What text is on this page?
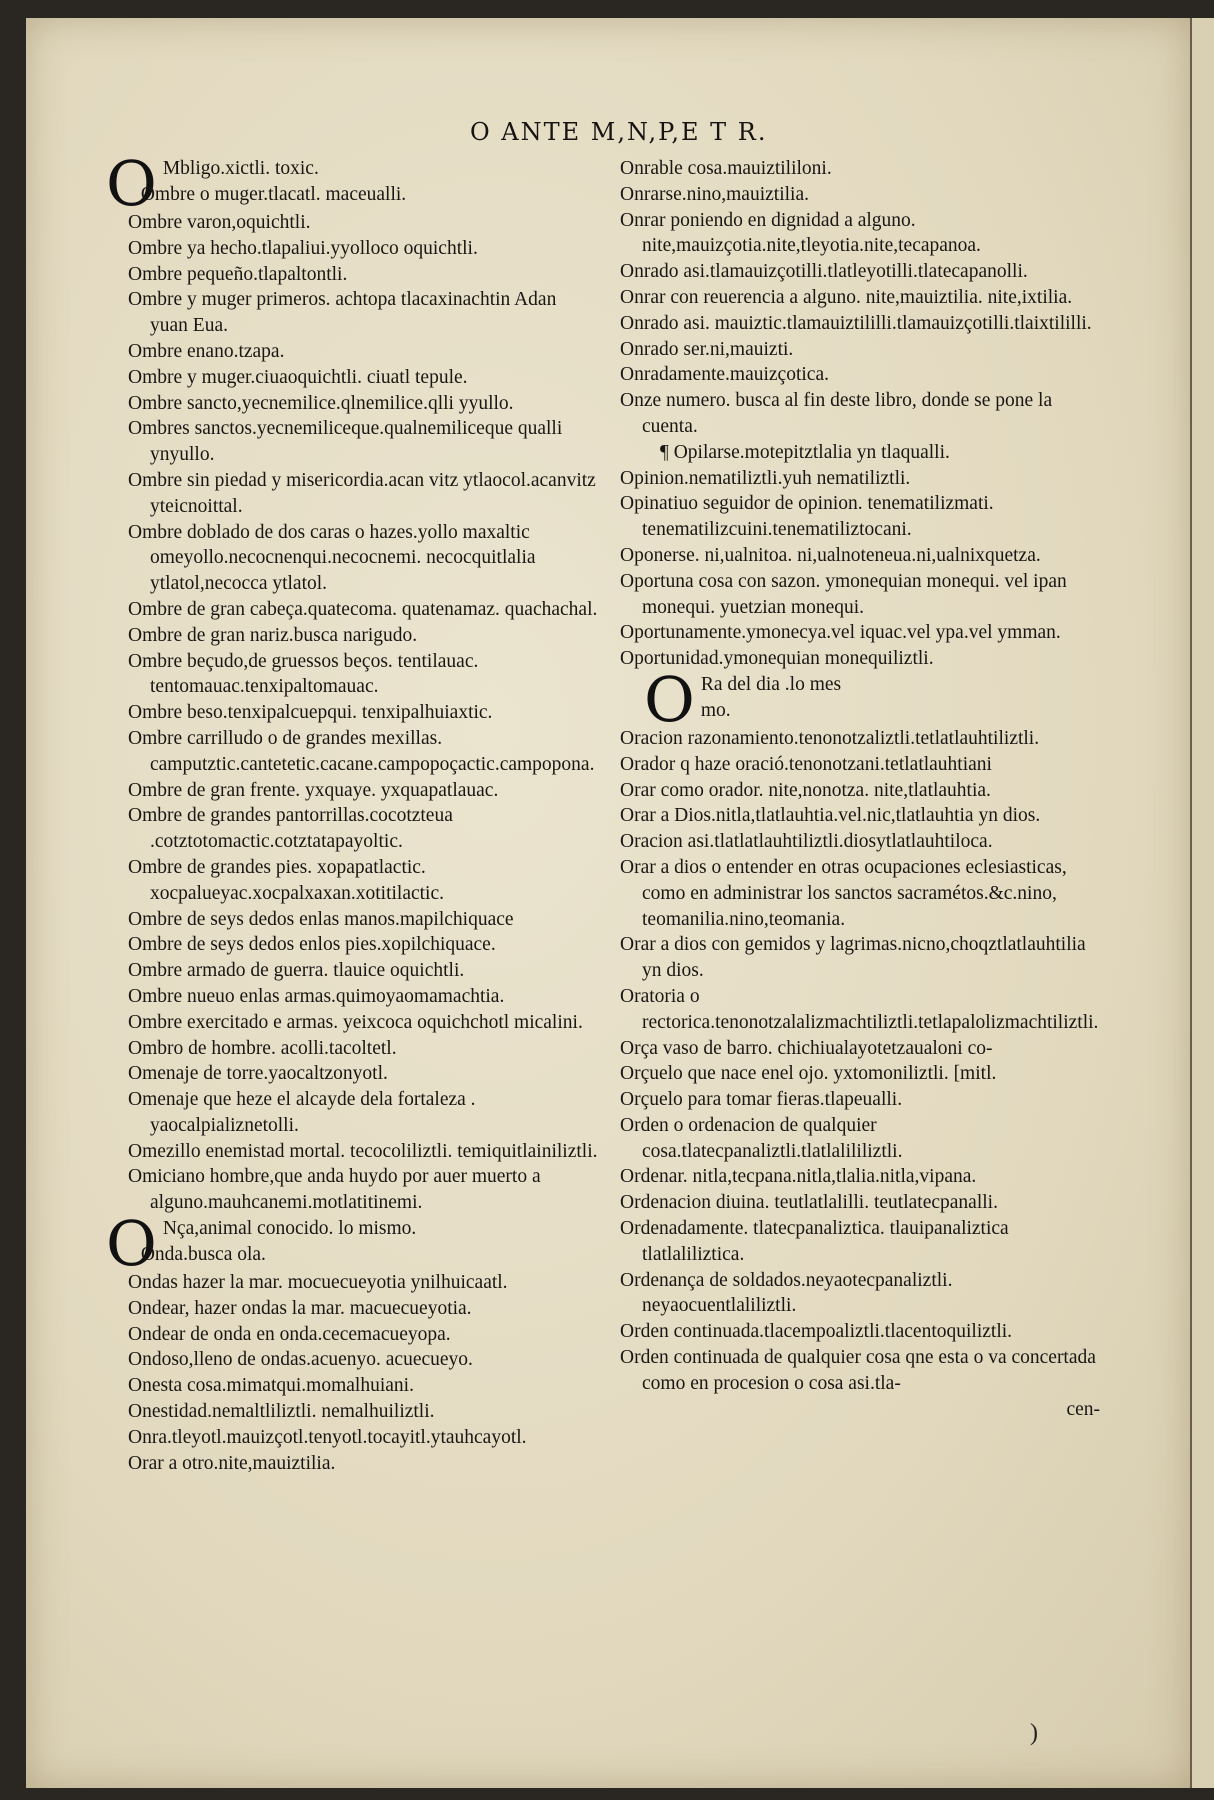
O ANTE M,N,P,E T R.

O Mbligo.xictli. toxic.

Ombre o muger.tlacatl. maceualli.

Ombre varon,oquichtli.

Ombre ya hecho.tlapaliui.yyolloco oquichtli.

Ombre pequeño.tlapaltontli.

Ombre y muger primeros. achtopa tlacaxinachtin Adan yuan Eua.

Ombre enano.tzapa.

Ombre y muger.ciuaoquichtli. ciuatl tepule.

Ombre sancto,yecnemilice.qlnemilice.qlli yyullo.

Ombres sanctos.yecnemiliceque.qualnemiliceque qualli ynyullo.

Ombre sin piedad y misericordia.acan vitz ytlaocol.acanvitz yteicnoittal.

Ombre doblado de dos caras o hazes.yollo maxaltic omeyollo.necocnenqui.necocnemi. necocquitlalia ytlatol,necocca ytlatol.

Ombre de gran cabeça.quatecoma. quatenamaz. quachachal.

Ombre de gran nariz.busca narigudo.

Ombre beçudo,de gruessos beços. tentilauac. tentomauac.tenxipaltomauac.

Ombre beso.tenxipalcuepqui. tenxipalhuiaxtic.

Ombre carrilludo o de grandes mexillas. camputztic.cantetetic.cacane.campopoçactic.campopona.

Ombre de gran frente. yxquaye. yxquapatlauac.

Ombre de grandes pantorrillas.cocotzteua .cotztotomactic.cotztatapayoltic.

Ombre de grandes pies. xopapatlactic. xocpalueyac.xocpalxaxan.xotitilactic.

Ombre de seys dedos enlas manos.mapilchiquace

Ombre de seys dedos enlos pies.xopilchiquace.

Ombre armado de guerra. tlauice oquichtli.

Ombre nueuo enlas armas.quimoyaomamachtia.

Ombre exercitado e armas. yeixcoca oquichchotl micalini.

Ombro de hombre. acolli.tacoltetl.

Omenaje de torre.yaocaltzonyotl.

Omenaje que heze el alcayde dela fortaleza . yaocalpializnetolli.

Omezillo enemistad mortal. tecocoliliztli. temiquitlainiliztli.

Omiciano hombre,que anda huydo por auer muerto a alguno.mauhcanemi.motlatitinemi.

O Nça,animal conocido. lo mismo.

Onda.busca ola.

Ondas hazer la mar. mocuecueyotia ynilhuicaatl.

Ondear, hazer ondas la mar. macuecueyotia.

Ondear de onda en onda.cecemacueyopa.

Ondoso,lleno de ondas.acuenyo. acuecueyo.

Onesta cosa.mimatqui.momalhuiani.

Onestidad.nemaltliliztli. nemalhuiliztli.

Onra.tleyotl.mauizçotl.tenyotl.tocayitl.ytauhcayotl.

Orar a otro.nite,mauiztilia.

Onrable cosa.mauiztililoni.

Onrarse.nino,mauiztilia.

Onrar poniendo en dignidad a alguno. nite,mauizçotia.nite,tleyotia.nite,tecapanoa.

Onrado asi.tlamauizçotilli.tlatleyotilli.tlatecapanolli.

Onrar con reuerencia a alguno. nite,mauiztilia. nite,ixtilia.

Onrado asi. mauiztic.tlamauiztililli.tlamauizçotilli.tlaixtililli.

Onrado ser.ni,mauizti.

Onradamente.mauizçotica.

Onze numero. busca al fin deste libro, donde se pone la cuenta.

¶ Opilarse.motepitztlalia yn tlaqualli.

Opinion.nematiliztli.yuh nematiliztli.

Opinatiuo seguidor de opinion. tenematilizmati. tenematilizcuini.tenematiliztocani.

Oponerse. ni,ualnitoa. ni,ualnoteneua.ni,ualnixquetza.

Oportuna cosa con sazon. ymonequian monequi. vel ipan monequi. yuetzian monequi.

Oportunamente.ymonecya.vel iquac.vel ypa.vel ymman.

Oportunidad.ymonequian monequiliztli.

O Ra del dia .lo mes

mo.

Oracion razonamiento.tenonotzaliztli.tetlatlauhtiliztli.

Orador q haze oració.tenonotzani.tetlatlauhtiani

Orar como orador. nite,nonotza. nite,tlatlauhtia.

Orar a Dios.nitla,tlatlauhtia.vel.nic,tlatlauhtia yn dios.

Oracion asi.tlatlatlauhtiliztli.diosytlatlauhtiloca.

Orar a dios o entender en otras ocupaciones eclesiasticas, como en administrar los sanctos sacramétos.&c.nino, teomanilia.nino,teomania.

Orar a dios con gemidos y lagrimas.nicno,choqztlatlauhtilia yn dios.

Oratoria o rectorica.tenonotzalalizmachtiliztli.tetlapalolizmachtiliztli.

Orça vaso de barro. chichiualayotetzaualoni co-

Orçuelo que nace enel ojo. yxtomoniliztli. [mitl.

Orçuelo para tomar fieras.tlapeualli.

Orden o ordenacion de qualquier cosa.tlatecpanaliztli.tlatlalililiztli.

Ordenar. nitla,tecpana.nitla,tlalia.nitla,vipana.

Ordenacion diuina. teutlatlalilli. teutlatecpanalli.

Ordenadamente. tlatecpanaliztica. tlauipanaliztica tlatlaliliztica.

Ordenança de soldados.neyaotecpanaliztli. neyaocuentlaliliztli.

Orden continuada.tlacempoaliztli.tlacentoquiliztli.

Orden continuada de qualquier cosa qne esta o va concertada como en procesion o cosa asi.tla-

cen-

)
